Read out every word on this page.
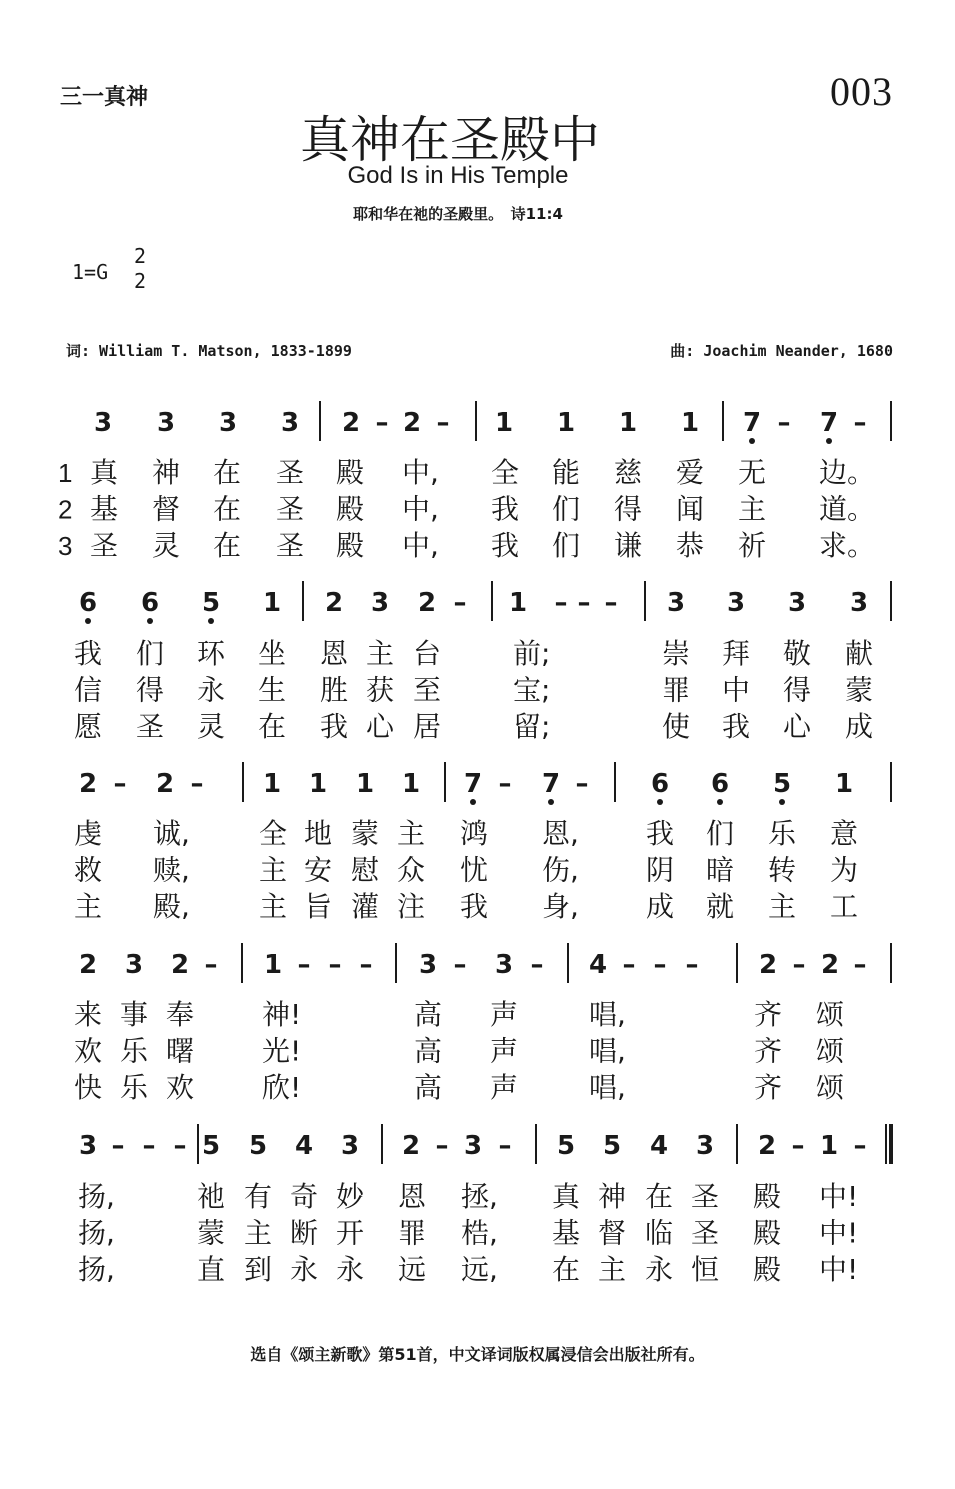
三一真神	003
真神在圣殿中
God Is in His Temple
耶和华在祂的圣殿里。　诗11:4
1=G
2
2
词: William T. Matson, 1833-1899	曲: Joachim Neander, 1680
3 3 3 3 2 – 2 – 1 1 1 1 7 – 7 –
1 真 神 在 圣 殿 中, 全 能 慈 爱 无 边。
2 基 督 在 圣 殿 中, 我 们 得 闻 主 道。
3 圣 灵 在 圣 殿 中, 我 们 谦 恭 祈 求。
6 6 5 1 2 3 2 – 1 – – – 3 3 3 3
我 们 环 坐 恩 主 台	前;	崇 拜 敬 献
信 得 永 生 胜 获 至	宝;	罪 中 得 蒙
愿 圣 灵 在 我 心 居	留;	使 我 心 成
2 – 2 – 1 1 1 1 7 – 7 – 6 6 5 1
虔 诚, 全 地 蒙 主 鸿 恩, 我 们 乐 意
救 赎, 主 安 慰 众 忧 伤, 阴 暗 转 为
主 殿, 主 旨 灌 注 我 身, 成 就 主 工
2 3 2 – 1 – – – 3 – 3 – 4 – – – 2 – 2 –
来 事 奉 神!	高 声	唱,	齐 颂
欢 乐 曙 光!	高 声	唱,	齐 颂
快 乐 欢 欣!	高 声	唱,	齐 颂
3 – – – 5 5 4 3 2 – 3 – 5 5 4 3 2 – 1 –
扬,	祂 有 奇 妙 恩 拯, 真 神 在 圣 殿 中!
扬,	蒙 主 断 开 罪 梏, 基 督 临 圣 殿 中!
扬,	直 到 永 永 远 远, 在 主 永 恒 殿 中!
选自《颂主新歌》第51首，中文译词版权属浸信会出版社所有。
